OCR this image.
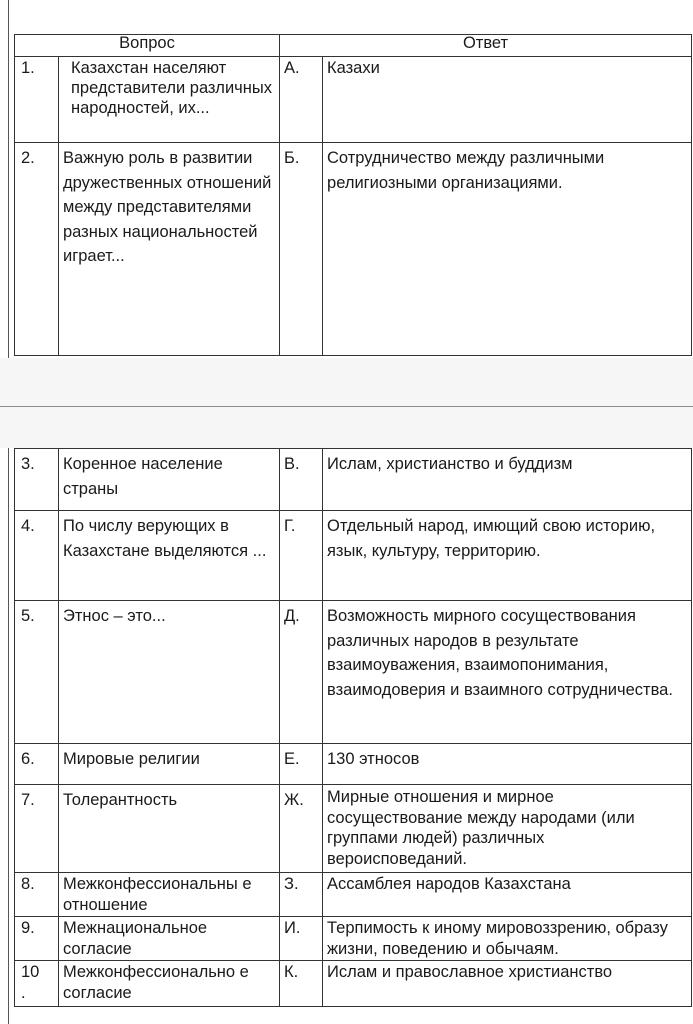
Вопрос		Ответ	
1.	Казахстан населяют представители различных народностей, их...	А.	Казахи
2.	Важную роль в развитии дружественных отношений между представителями разных национальностей играет...	Б.	Сотрудничество между различными религиозными организациями.
3.	Коренное население страны	В.	Ислам, христианство и буддизм
4.	По числу верующих в Казахстане выделяются ...	Г.	Отдельный народ, имющий свою историю, язык, культуру, территорию.
5.	Этнос – это...	Д.	Возможность мирного сосуществования различных народов в результате взаимоуважения, взаимопонимания, взаимодоверия и взаимного сотрудничества.
6.	Мировые религии	Е.	130 этносов
7.	Толерантность	Ж.	Мирные отношения и мирное сосуществование между народами (или группами людей) различных вероисповеданий.
8.	Межконфессиональны е отношение	З.	Ассамблея народов Казахстана
9.	Межнациональное согласие	И.	Терпимость к иному мировоззрению, образу жизни, поведению и обычаям.
10 .	Межконфессионально е согласие	К.	Ислам и православное христианство
